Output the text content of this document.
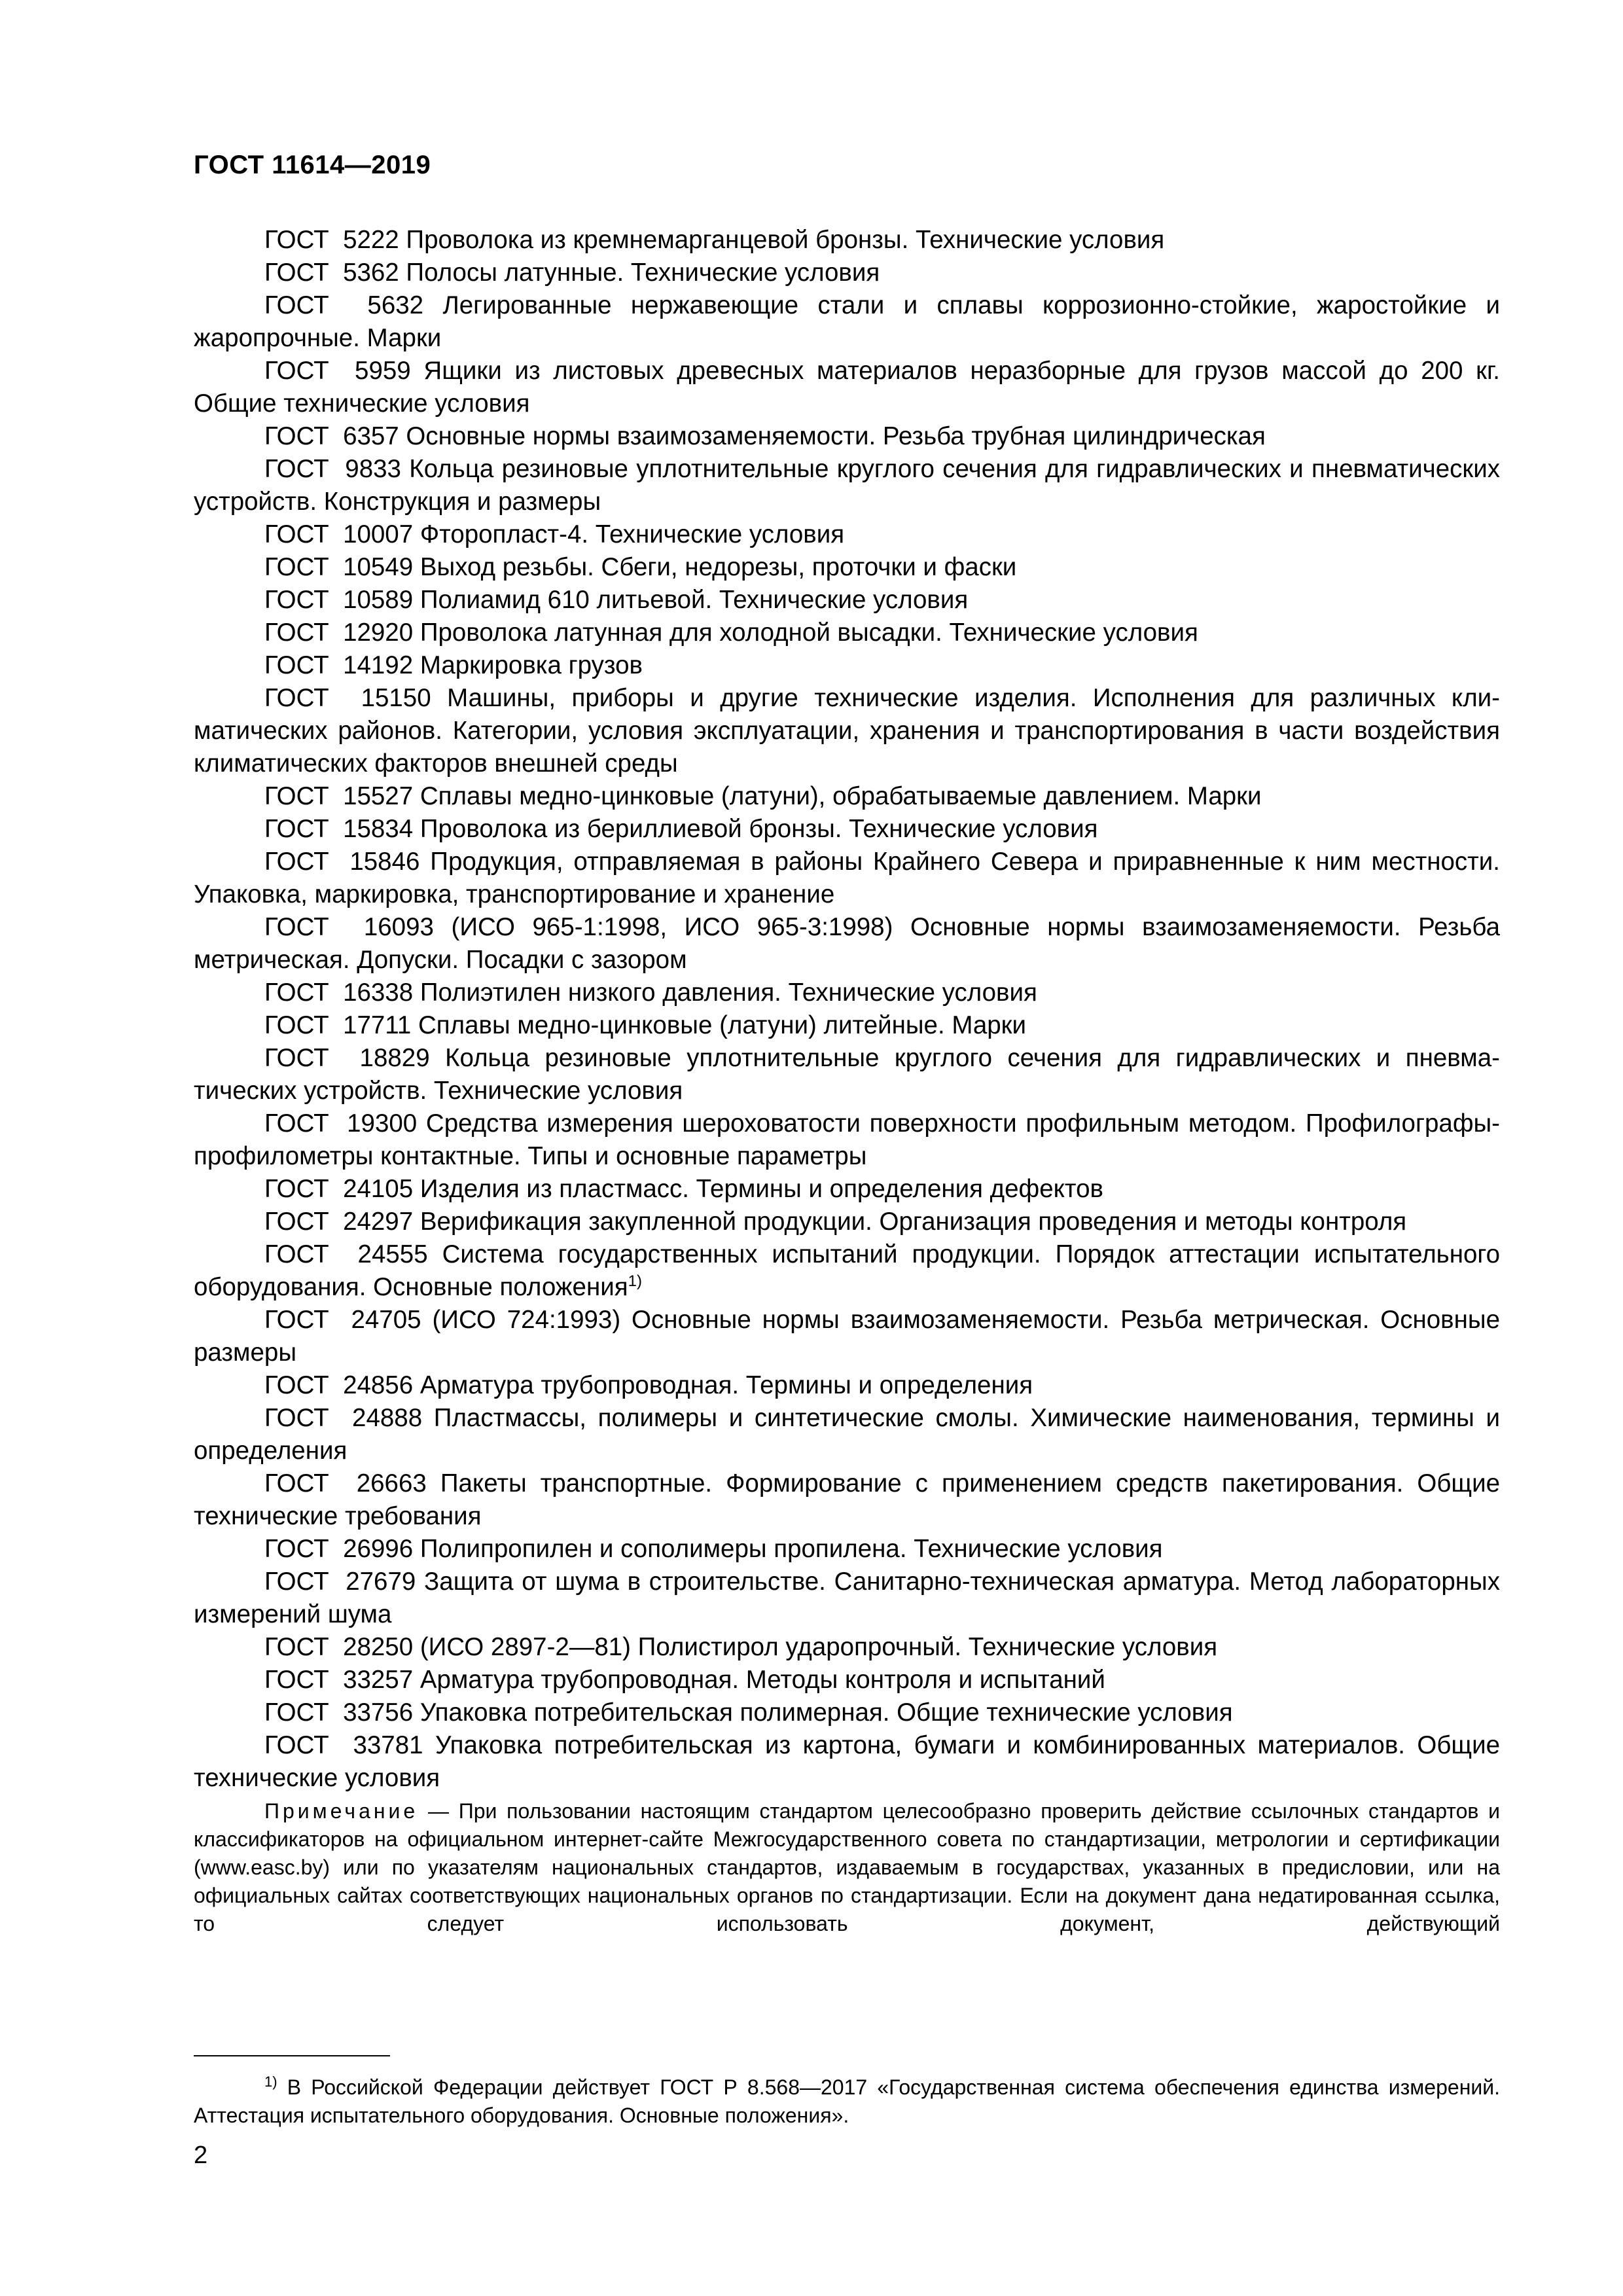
ГОСТ 11614—2019

ГОСТ  5222 Проволока из кремнемарганцевой бронзы. Технические условия

ГОСТ  5362 Полосы латунные. Технические условия

ГОСТ  5632 Легированные нержавеющие стали и сплавы коррозионно-стойкие, жаростойкие и жаропрочные. Марки

ГОСТ  5959 Ящики из листовых древесных материалов неразборные для грузов массой до 200 кг. Общие технические условия

ГОСТ  6357 Основные нормы взаимозаменяемости. Резьба трубная цилиндрическая

ГОСТ  9833 Кольца резиновые уплотнительные круглого сечения для гидравлических и пневматических устройств. Конструкция и размеры

ГОСТ  10007 Фторопласт-4. Технические условия

ГОСТ  10549 Выход резьбы. Сбеги, недорезы, проточки и фаски

ГОСТ  10589 Полиамид 610 литьевой. Технические условия

ГОСТ  12920 Проволока латунная для холодной высадки. Технические условия

ГОСТ  14192 Маркировка грузов

ГОСТ  15150 Машины, приборы и другие технические изделия. Исполнения для различных климатических районов. Категории, условия эксплуатации, хранения и транспортирования в части воздействия климатических факторов внешней среды

ГОСТ  15527 Сплавы медно-цинковые (латуни), обрабатываемые давлением. Марки

ГОСТ  15834 Проволока из бериллиевой бронзы. Технические условия

ГОСТ  15846 Продукция, отправляемая в районы Крайнего Севера и приравненные к ним местности. Упаковка, маркировка, транспортирование и хранение

ГОСТ  16093 (ИСО 965-1:1998, ИСО 965-3:1998) Основные нормы взаимозаменяемости. Резьба метрическая. Допуски. Посадки с зазором

ГОСТ  16338 Полиэтилен низкого давления. Технические условия

ГОСТ  17711 Сплавы медно-цинковые (латуни) литейные. Марки

ГОСТ  18829 Кольца резиновые уплотнительные круглого сечения для гидравлических и пневматических устройств. Технические условия

ГОСТ  19300 Средства измерения шероховатости поверхности профильным методом. Профилографы-профилометры контактные. Типы и основные параметры

ГОСТ  24105 Изделия из пластмасс. Термины и определения дефектов

ГОСТ  24297 Верификация закупленной продукции. Организация проведения и методы контроля

ГОСТ  24555 Система государственных испытаний продукции. Порядок аттестации испытательного оборудования. Основные положения$^{1)}$

ГОСТ  24705 (ИСО 724:1993) Основные нормы взаимозаменяемости. Резьба метрическая. Основные размеры

ГОСТ  24856 Арматура трубопроводная. Термины и определения

ГОСТ  24888 Пластмассы, полимеры и синтетические смолы. Химические наименования, термины и определения

ГОСТ  26663 Пакеты транспортные. Формирование с применением средств пакетирования. Общие технические требования

ГОСТ  26996 Полипропилен и сополимеры пропилена. Технические условия

ГОСТ  27679 Защита от шума в строительстве. Санитарно-техническая арматура. Метод лабораторных измерений шума

ГОСТ  28250 (ИСО 2897-2—81) Полистирол ударопрочный. Технические условия

ГОСТ  33257 Арматура трубопроводная. Методы контроля и испытаний

ГОСТ  33756 Упаковка потребительская полимерная. Общие технические условия

ГОСТ  33781 Упаковка потребительская из картона, бумаги и комбинированных материалов. Общие технические условия

Примечание — При пользовании настоящим стандартом целесообразно проверить действие ссылочных стандартов и классификаторов на официальном интернет-сайте Межгосударственного совета по стандартизации, метрологии и сертификации (www.easc.by) или по указателям национальных стандартов, издаваемым в государствах, указанных в предисловии, или на официальных сайтах соответствующих национальных органов по стандартизации. Если на документ дана недатированная ссылка, то следует использовать документ, действующий

$^{1)}$ В Российской Федерации действует ГОСТ Р 8.568—2017 «Государственная система обеспечения единства измерений. Аттестация испытательного оборудования. Основные положения».

2
